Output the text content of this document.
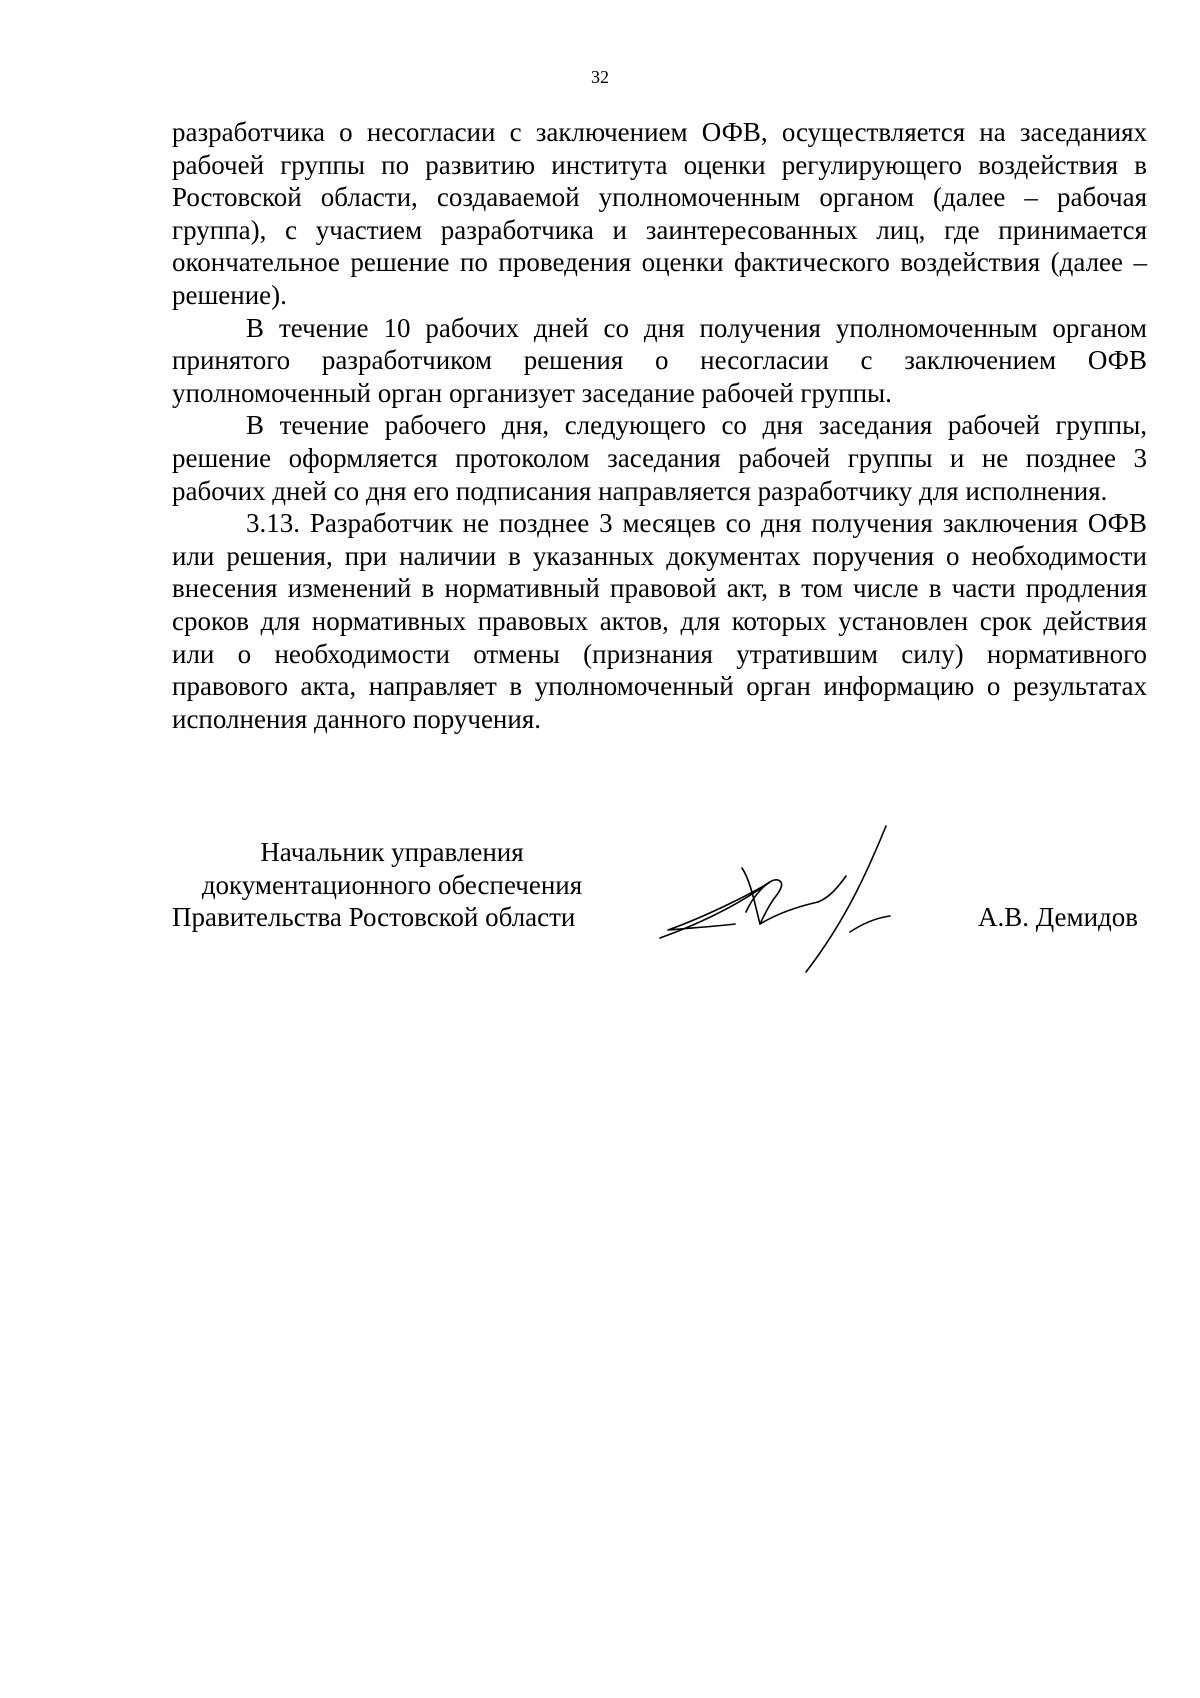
32

разработчика о несогласии с заключением ОФВ, осуществляется на заседаниях рабочей группы по развитию института оценки регулирующего воздействия в Ростовской области, создаваемой уполномоченным органом (далее – рабочая группа), с участием разработчика и заинтересованных лиц, где принимается окончательное решение по проведения оценки фактического воздействия (далее – решение).

В течение 10 рабочих дней со дня получения уполномоченным органом принятого разработчиком решения о несогласии с заключением ОФВ уполномоченный орган организует заседание рабочей группы.

В течение рабочего дня, следующего со дня заседания рабочей группы, решение оформляется протоколом заседания рабочей группы и не позднее 3 рабочих дней со дня его подписания направляется разработчику для исполнения.

3.13. Разработчик не позднее 3 месяцев со дня получения заключения ОФВ или решения, при наличии в указанных документах поручения о необходимости внесения изменений в нормативный правовой акт, в том числе в части продления сроков для нормативных правовых актов, для которых установлен срок действия или о необходимости отмены (признания утратившим силу) нормативного правового акта, направляет в уполномоченный орган информацию о результатах исполнения данного поручения.

Начальник управления
документационного обеспечения
Правительства Ростовской области	А.В. Демидов
